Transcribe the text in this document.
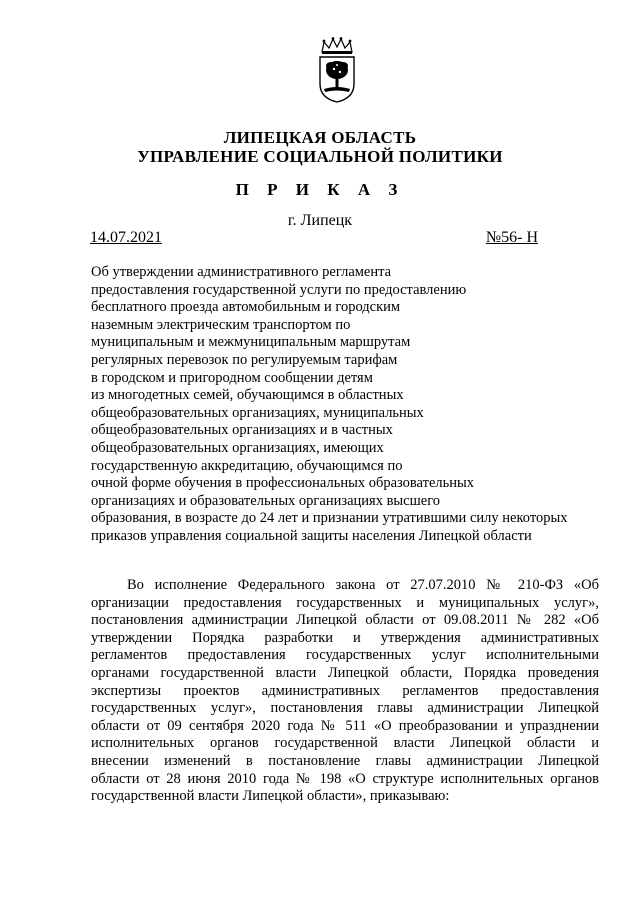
ЛИПЕЦКАЯ ОБЛАСТЬ
УПРАВЛЕНИЕ СОЦИАЛЬНОЙ ПОЛИТИКИ
П Р И К А З
г. Липецк
14.07.2021	№56- Н
Об утверждении административного регламента
предоставления государственной услуги по предоставлению
бесплатного проезда автомобильным и городским
наземным электрическим транспортом по
муниципальным и межмуниципальным маршрутам
регулярных перевозок по регулируемым тарифам
в городском и пригородном сообщении детям
из многодетных семей, обучающимся в областных
общеобразовательных организациях, муниципальных
общеобразовательных организациях и в частных
общеобразовательных организациях, имеющих
государственную аккредитацию, обучающимся по
очной форме обучения в профессиональных образовательных
организациях и образовательных организациях высшего
образования, в возрасте до 24 лет и признании утратившими силу некоторых
приказов управления социальной защиты населения Липецкой области
Во исполнение Федерального закона от 27.07.2010 № 210-ФЗ «Об
организации предоставления государственных и муниципальных услуг»,
постановления администрации Липецкой области от 09.08.2011 № 282 «Об
утверждении Порядка разработки и утверждения административных
регламентов предоставления государственных услуг исполнительными
органами государственной власти Липецкой области, Порядка проведения
экспертизы проектов административных регламентов предоставления
государственных услуг», постановления главы администрации Липецкой
области от 09 сентября 2020 года № 511 «О преобразовании и упразднении
исполнительных органов государственной власти Липецкой области и
внесении изменений в постановление главы администрации Липецкой
области от 28 июня 2010 года № 198 «О структуре исполнительных органов
государственной власти Липецкой области», приказываю:
